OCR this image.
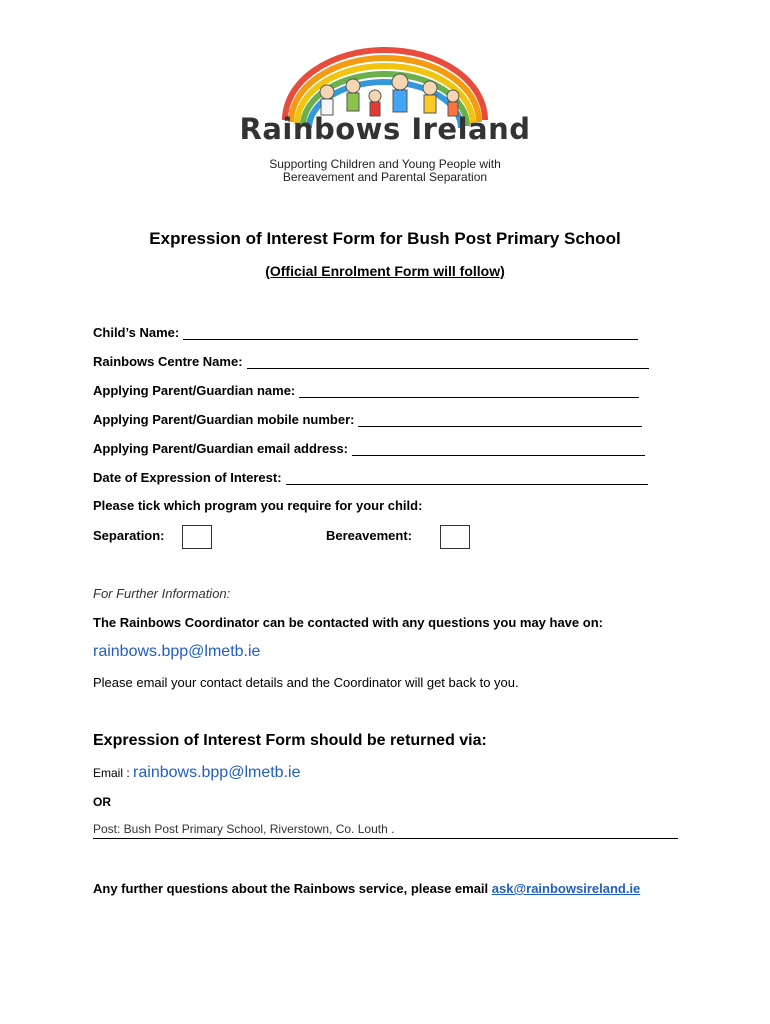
Rainbows Ireland
Supporting Children and Young People with
Bereavement and Parental Separation
Expression of Interest Form for Bush Post Primary School
(Official Enrolment Form will follow)
Child’s Name:
Rainbows Centre Name:
Applying Parent/Guardian name:
Applying Parent/Guardian mobile number:
Applying Parent/Guardian email address:
Date of Expression of Interest:
Please tick which program you require for your child:
Separation:	Bereavement:
For Further Information:
The Rainbows Coordinator can be contacted with any questions you may have on:
rainbows.bpp@lmetb.ie
Please email your contact details and the Coordinator will get back to you.
Expression of Interest Form should be returned via:
Email : rainbows.bpp@lmetb.ie
OR
Post: Bush Post Primary School, Riverstown, Co. Louth .
Any further questions about the Rainbows service, please email ask@rainbowsireland.ie
